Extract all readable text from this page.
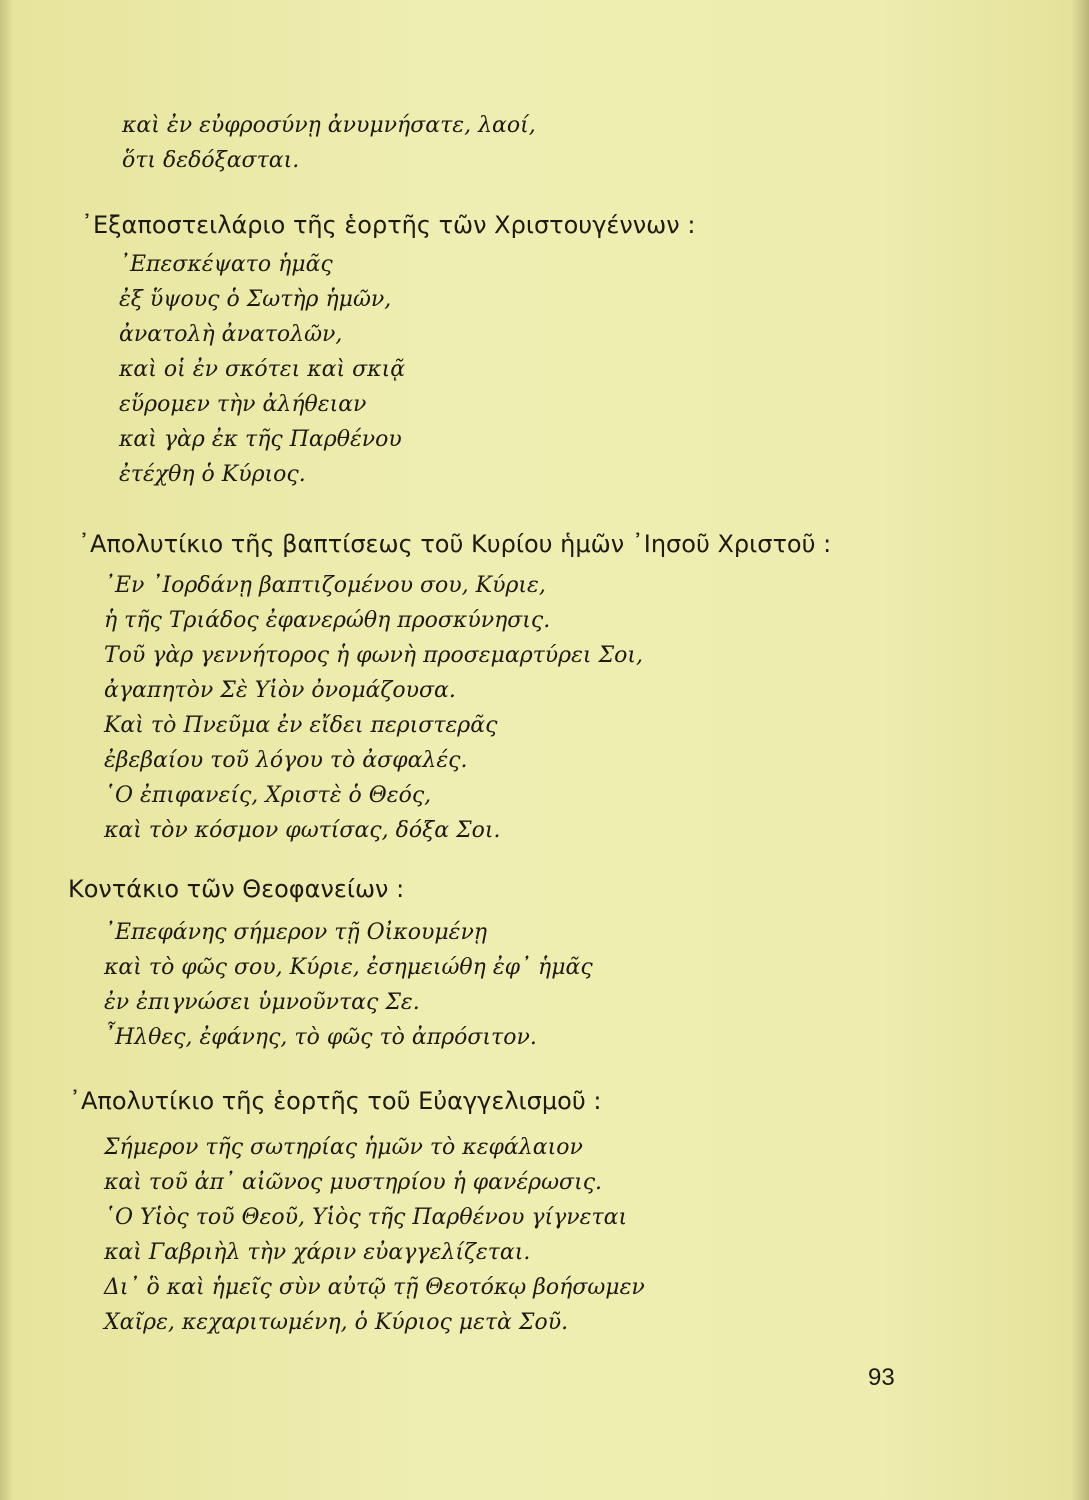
καὶ ἐν εὐφροσύνῃ ἀνυμνήσατε, λαοί,
ὅτι δεδόξασται.
᾿Εξαποστειλάριο τῆς ἑορτῆς τῶν Χριστουγέννων :
᾿Επεσκέψατο ἡμᾶς
ἐξ ὕψους ὁ Σωτὴρ ἡμῶν,
ἀνατολὴ ἀνατολῶν,
καὶ οἱ ἐν σκότει καὶ σκιᾷ
εὕρομεν τὴν ἀλήθειαν
καὶ γὰρ ἐκ τῆς Παρθένου
ἐτέχθη ὁ Κύριος.
᾿Απολυτίκιο τῆς βαπτίσεως τοῦ Κυρίου ἡμῶν ᾿Ιησοῦ Χριστοῦ :
᾿Εν ᾿Ιορδάνῃ βαπτιζομένου σου, Κύριε,
ἡ τῆς Τριάδος ἐφανερώθη προσκύνησις.
Τοῦ γὰρ γεννήτορος ἡ φωνὴ προσεμαρτύρει Σοι,
ἀγαπητὸν Σὲ Υἱὸν ὀνομάζουσα.
Καὶ τὸ Πνεῦμα ἐν εἴδει περιστερᾶς
ἐβεβαίου τοῦ λόγου τὸ ἀσφαλές.
῾Ο ἐπιφανείς, Χριστὲ ὁ Θεός,
καὶ τὸν κόσμον φωτίσας, δόξα Σοι.
Κοντάκιο τῶν Θεοφανείων :
᾿Επεφάνης σήμερον τῇ Οἰκουμένῃ
καὶ τὸ φῶς σου, Κύριε, ἐσημειώθη ἐφ᾿ ἡμᾶς
ἐν ἐπιγνώσει ὑμνοῦντας Σε.
῏Ηλθες, ἐφάνης, τὸ φῶς τὸ ἀπρόσιτον.
᾿Απολυτίκιο τῆς ἑορτῆς τοῦ Εὐαγγελισμοῦ :
Σήμερον τῆς σωτηρίας ἡμῶν τὸ κεφάλαιον
καὶ τοῦ ἀπ᾿ αἰῶνος μυστηρίου ἡ φανέρωσις.
῾Ο Υἱὸς τοῦ Θεοῦ, Υἱὸς τῆς Παρθένου γίγνεται
καὶ Γαβριὴλ τὴν χάριν εὐαγγελίζεται.
Δι᾿ ὃ καὶ ἡμεῖς σὺν αὐτῷ τῇ Θεοτόκῳ βοήσωμεν
Χαῖρε, κεχαριτωμένη, ὁ Κύριος μετὰ Σοῦ.
93
